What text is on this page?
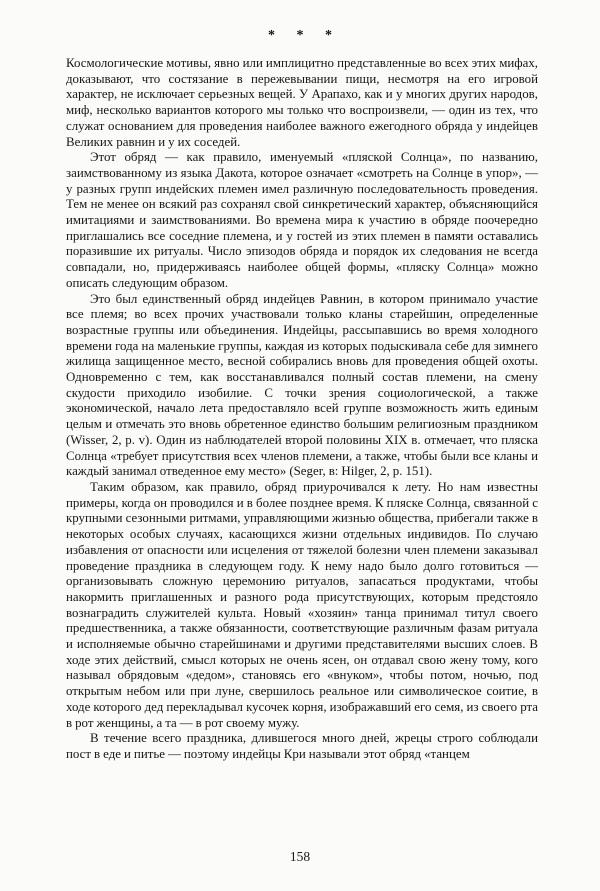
* * *

Космологические мотивы, явно или имплицитно представленные во всех этих мифах, доказывают, что состязание в пережевывании пищи, несмотря на его игровой характер, не исключает серьезных вещей. У Арапахо, как и у многих других народов, миф, несколько вариантов которого мы только что воспроизвели, — один из тех, что служат основанием для проведения наиболее важного ежегодного обряда у индейцев Великих равнин и у их соседей.

Этот обряд — как правило, именуемый «пляской Солнца», по названию, заимствованному из языка Дакота, которое означает «смотреть на Солнце в упор», — у разных групп индейских племен имел различную последовательность проведения. Тем не менее он всякий раз сохранял свой синкретический характер, объясняющийся имитациями и заимствованиями. Во времена мира к участию в обряде поочередно приглашались все соседние племена, и у гостей из этих племен в памяти оставались поразившие их ритуалы. Число эпизодов обряда и порядок их следования не всегда совпадали, но, придерживаясь наиболее общей формы, «пляску Солнца» можно описать следующим образом.

Это был единственный обряд индейцев Равнин, в котором принимало участие все племя; во всех прочих участвовали только кланы старейшин, определенные возрастные группы или объединения. Индейцы, рассыпавшись во время холодного времени года на маленькие группы, каждая из которых подыскивала себе для зимнего жилища защищенное место, весной собирались вновь для проведения общей охоты. Одновременно с тем, как восстанавливался полный состав племени, на смену скудости приходило изобилие. С точки зрения социологической, а также экономической, начало лета предоставляло всей группе возможность жить единым целым и отмечать это вновь обретенное единство большим религиозным праздником (Wisser, 2, p. v). Один из наблюдателей второй половины XIX в. отмечает, что пляска Солнца «требует присутствия всех членов племени, а также, чтобы были все кланы и каждый занимал отведенное ему место» (Seger, в: Hilger, 2, p. 151).

Таким образом, как правило, обряд приурочивался к лету. Но нам известны примеры, когда он проводился и в более позднее время. К пляске Солнца, связанной с крупными сезонными ритмами, управляющими жизнью общества, прибегали также в некоторых особых случаях, касающихся жизни отдельных индивидов. По случаю избавления от опасности или исцеления от тяжелой болезни член племени заказывал проведение праздника в следующем году. К нему надо было долго готовиться — организовывать сложную церемонию ритуалов, запасаться продуктами, чтобы накормить приглашенных и разного рода присутствующих, которым предстояло вознаградить служителей культа. Новый «хозяин» танца принимал титул своего предшественника, а также обязанности, соответствующие различным фазам ритуала и исполняемые обычно старейшинами и другими представителями высших слоев. В ходе этих действий, смысл которых не очень ясен, он отдавал свою жену тому, кого называл обрядовым «дедом», становясь его «внуком», чтобы потом, ночью, под открытым небом или при луне, свершилось реальное или символическое соитие, в ходе которого дед перекладывал кусочек корня, изображавший его семя, из своего рта в рот женщины, а та — в рот своему мужу.

В течение всего праздника, длившегося много дней, жрецы строго соблюдали пост в еде и питье — поэтому индейцы Кри называли этот обряд «танцем

158
